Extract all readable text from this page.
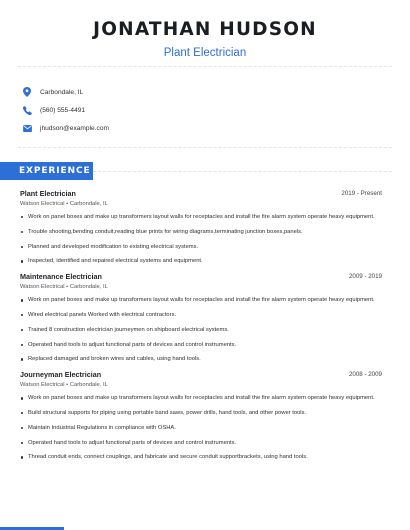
JONATHAN HUDSON
Plant Electrician
Carbondale, IL
(560) 555-4491
jhudson@example.com
EXPERIENCE
Plant Electrician	2019 - Present
Watson Electrical • Carbondale, IL
Work on panel boxes and make up transformers layout walls for receptacles and install the fire alarm system operate heavy equipment.
Trouble shooting,bending conduit,reading blue prints for wiring diagrams,terminating junction boxes,panels.
Planned and developed modification to existing electrical systems.
Inspected, identified and repaired electrical systems and equipment.
Maintenance Electrician	2009 - 2019
Watson Electrical • Carbondale, IL
Work on panel boxes and make up transformers layout walls for receptacles and install the fire alarm system operate heavy equipment.
Wired electrical panels Worked with electrical contractors.
Trained 8 construction electrician journeymen on shipboard electrical systems.
Operated hand tools to adjust functional parts of devices and control instruments.
Replaced damaged and broken wires and cables, using hand tools.
Journeyman Electrician	2008 - 2009
Watson Electrical • Carbondale, IL
Work on panel boxes and make up transformers layout walls for receptacles and install the fire alarm system operate heavy equipment.
Build structural supports for piping using portable band saws, power drills, hand tools, and other power tools.
Maintain Industrial Regulations in compliance with OSHA.
Operated hand tools to adjust functional parts of devices and control instruments.
Thread conduit ends, connect couplings, and fabricate and secure conduit supportbrackets, using hand tools.
